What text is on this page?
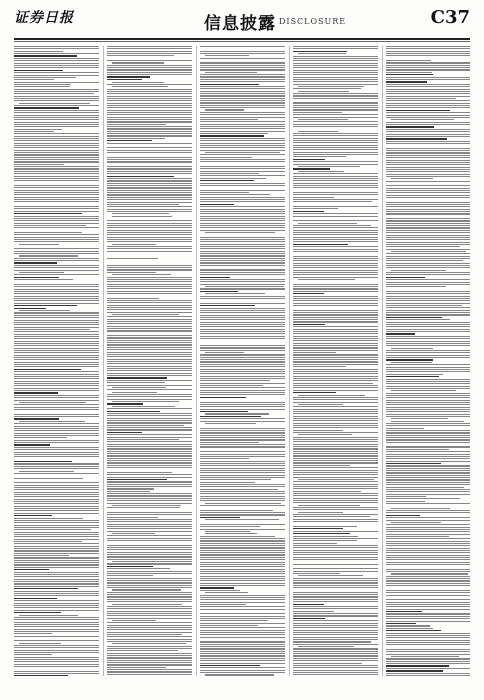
证券日报	信息披露 DISCLOSURE	C37
